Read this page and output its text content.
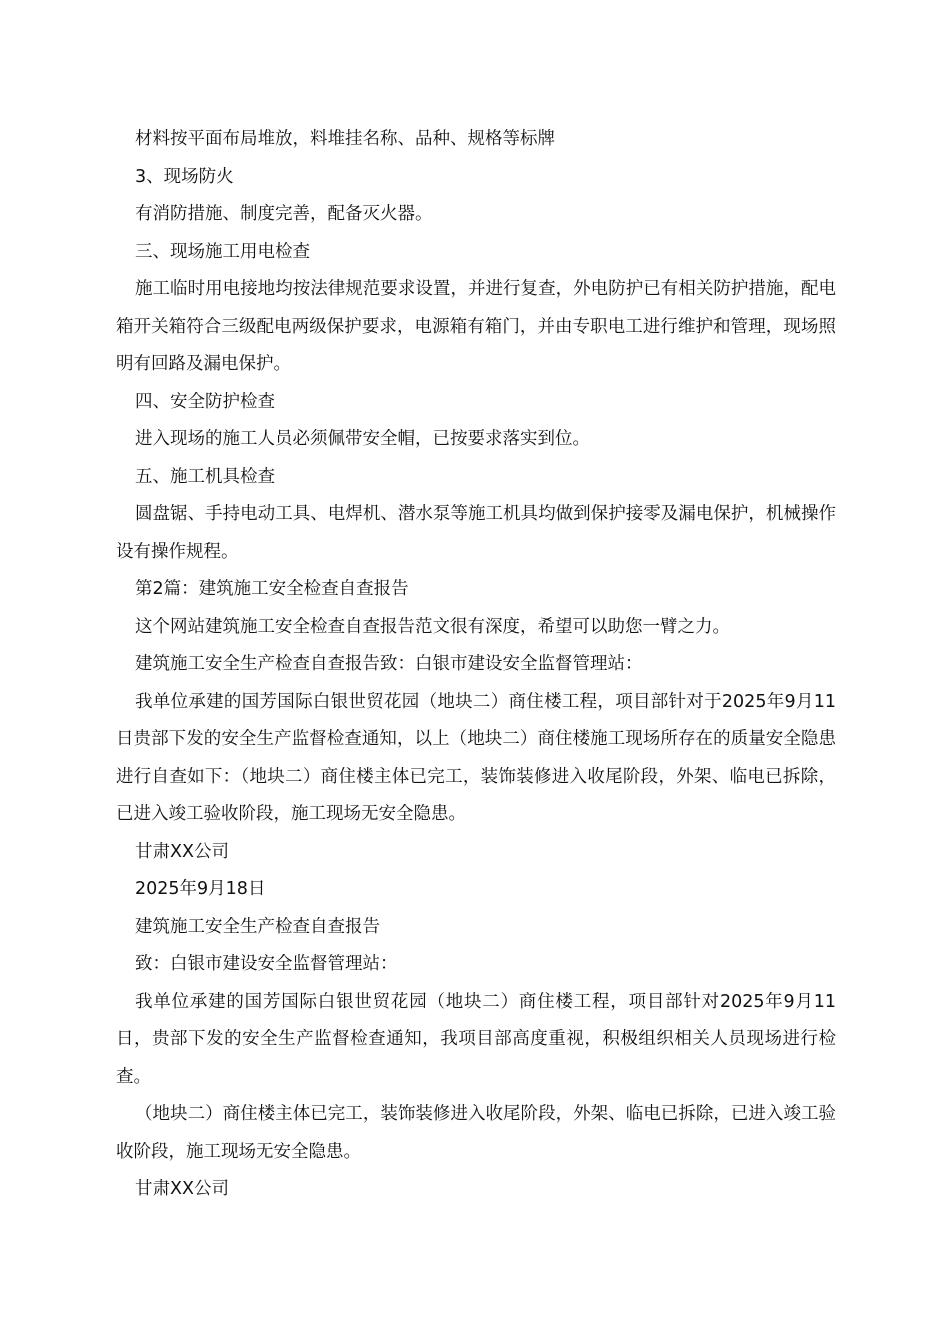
材料按平面布局堆放，料堆挂名称、品种、规格等标牌

3、现场防火

有消防措施、制度完善，配备灭火器。

三、现场施工用电检查

施工临时用电接地均按法律规范要求设置，并进行复查，外电防护已有相关防护措施，配电箱开关箱符合三级配电两级保护要求，电源箱有箱门，并由专职电工进行维护和管理，现场照明有回路及漏电保护。

四、安全防护检查

进入现场的施工人员必须佩带安全帽，已按要求落实到位。

五、施工机具检查

圆盘锯、手持电动工具、电焊机、潜水泵等施工机具均做到保护接零及漏电保护，机械操作设有操作规程。

第2篇：建筑施工安全检查自查报告

这个网站建筑施工安全检查自查报告范文很有深度，希望可以助您一臂之力。

建筑施工安全生产检查自查报告致：白银市建设安全监督管理站：

我单位承建的国芳国际白银世贸花园（地块二）商住楼工程，项目部针对于2025年9月11日贵部下发的安全生产监督检查通知，以上（地块二）商住楼施工现场所存在的质量安全隐患进行自查如下：（地块二）商住楼主体已完工，装饰装修进入收尾阶段，外架、临电已拆除，已进入竣工验收阶段，施工现场无安全隐患。

甘肃XX公司

2025年9月18日

建筑施工安全生产检查自查报告

致：白银市建设安全监督管理站：

我单位承建的国芳国际白银世贸花园（地块二）商住楼工程，项目部针对2025年9月11日，贵部下发的安全生产监督检查通知，我项目部高度重视，积极组织相关人员现场进行检查。

（地块二）商住楼主体已完工，装饰装修进入收尾阶段，外架、临电已拆除，已进入竣工验收阶段，施工现场无安全隐患。

甘肃XX公司
